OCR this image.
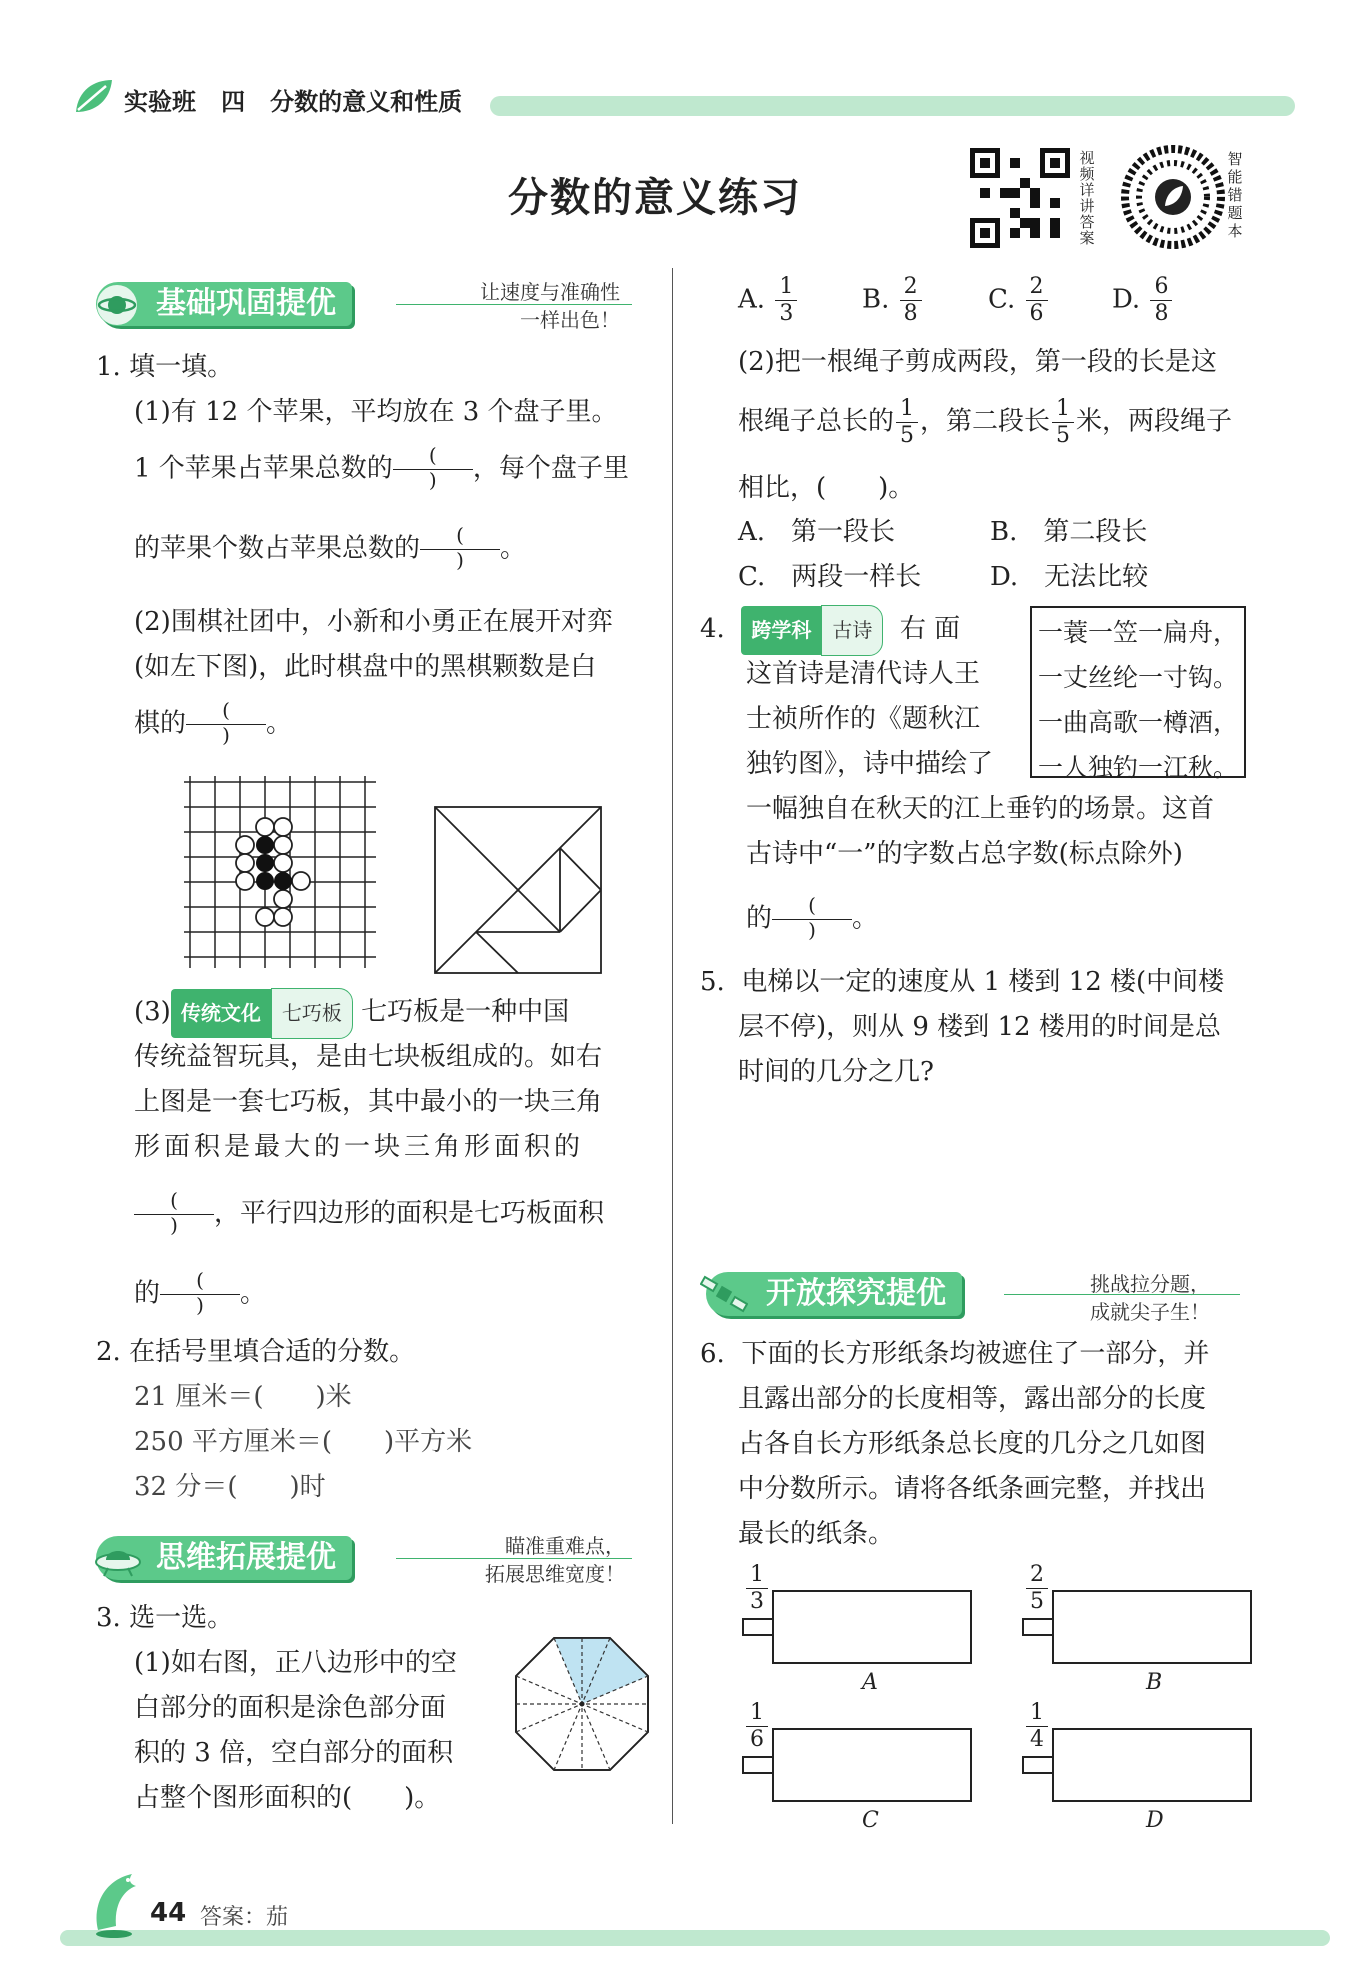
实验班 四 分数的意义和性质
分数的意义练习
视
频
详
讲
答
案
智
能
错
题
本
基础巩固提优	让速度与准确性
一样出色！
1. 填一填。
(1)有 12 个苹果，平均放在 3 个盘子里。
1 个苹果占苹果总数的	(
)	，每个盘子里
的苹果个数占苹果总数的	(
)	。
(2)围棋社团中，小新和小勇正在展开对弈
(如左下图)，此时棋盘中的黑棋颗数是白
棋的	(
)	。
(3) 传统文化 七巧板 七巧板是一种中国
传统益智玩具，是由七块板组成的。如右
上图是一套七巧板，其中最小的一块三角
形面积是最大的一块三角形面积的
(
)	，平行四边形的面积是七巧板面积
的	(
)	。
2. 在括号里填合适的分数。
21 厘米＝(　　)米
250 平方厘米＝(　　)平方米
32 分＝(　　)时
思维拓展提优	瞄准重难点，
拓展思维宽度！
3. 选一选。
(1)如右图，正八边形中的空
白部分的面积是涂色部分面
积的 3 倍，空白部分的面积
占整个图形面积的(　　)。
A. $\frac{1}{3} B$. $\frac{2}{8}$	C. $\frac{2}{6} D$. $\frac{6}{8}$
(2)把一根绳子剪成两段，第一段的长是这
根绳子总长的 $\frac{1}{5}$ ，第二段长 $\frac{1}{5}$ 米，两段绳子
相比，(　　)。
A.　第一段长	B.　第二段长
C.　两段一样长	D.　无法比较
4. 跨学科 古诗 右 面
这首诗是清代诗人王
士祯所作的《题秋江
独钓图》，诗中描绘了
一蓑一笠一扁舟，
一丈丝纶一寸钩。
一曲高歌一樽酒，
一人独钓一江秋。
一幅独自在秋天的江上垂钓的场景。这首
古诗中“一”的字数占总字数(标点除外)
的	(
)	。
5. 电梯以一定的速度从 1 楼到 12 楼(中间楼
层不停)，则从 9 楼到 12 楼用的时间是总
时间的几分之几?
开放探究提优	挑战拉分题，
成就尖子生！
6. 下面的长方形纸条均被遮住了一部分，并
且露出部分的长度相等，露出部分的长度
占各自长方形纸条总长度的几分之几如图
中分数所示。请将各纸条画完整，并找出
最长的纸条。
1
3
A
2
5
B
1
6
C
1
4
D
44 答案：茄
